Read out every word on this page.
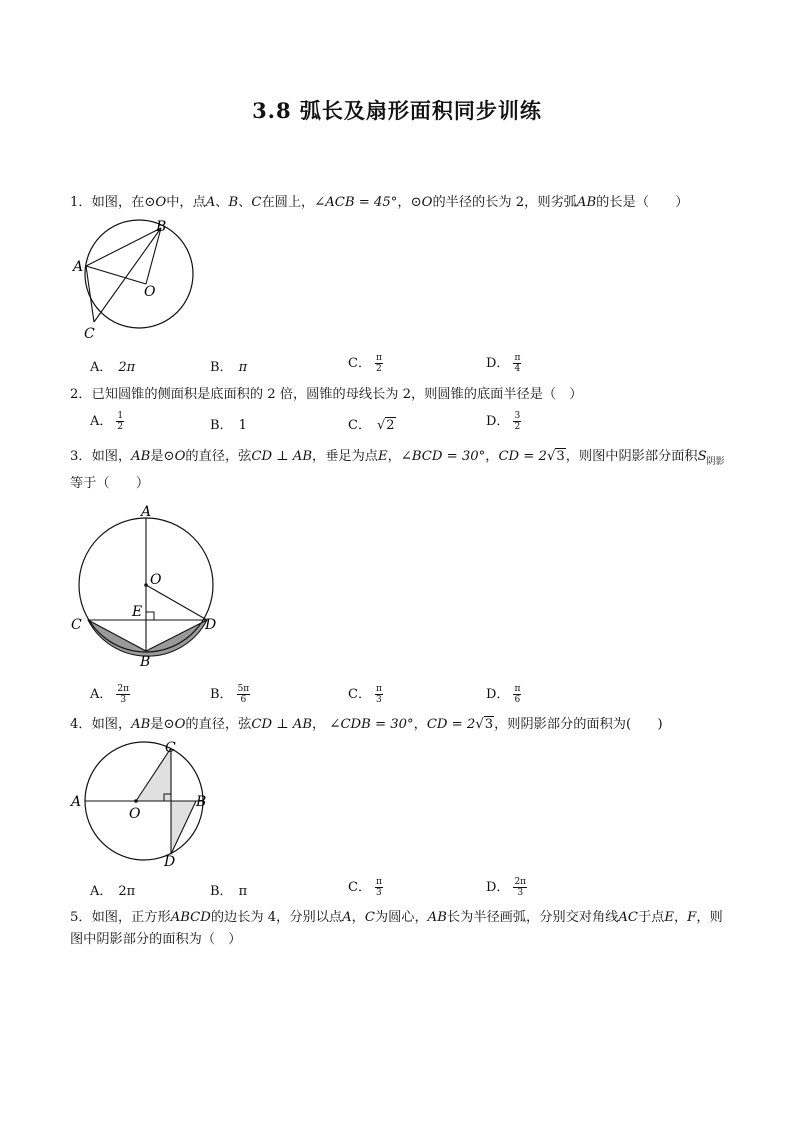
3.8 弧长及扇形面积同步训练
1．如图，在⊙O中，点A、B、C在圆上，∠ACB = 45°，⊙O的半径的长为 2，则劣弧AB的长是（　　）
A
B
O
C
A． 2π	B． π	C． $\frac{\pi}{2}$	D． $\frac{\pi}{4}$
2．已知圆锥的侧面积是底面积的 2 倍，圆锥的母线长为 2，则圆锥的底面半径是（　）
A． $\frac{1}{2}$	B． 1	C． √2	D． $\frac{3}{2}$
3．如图，AB是⊙O的直径，弦CD ⊥ AB，垂足为点E，∠BCD = 30°，CD = 2√3，则图中阴影部分面积$S_{阴影}$
等于（　　）
A
O
E
C	D
B
A． $\frac{2\pi}{3}$	B． $\frac{5\pi}{6}$	C． $\frac{\pi}{3}$	D． $\frac{\pi}{6}$
4．如图，AB是⊙O的直径，弦CD ⊥ AB， ∠CDB = 30°，CD = 2√3，则阴影部分的面积为(　　)
C
A
O
B
D
A． 2π	B． π	C． $\frac{\pi}{3}$	D． $\frac{2\pi}{3}$
5．如图，正方形ABCD的边长为 4，分别以点A，C为圆心，AB长为半径画弧，分别交对角线AC于点E，F，则图中阴影部分的面积为（　）
